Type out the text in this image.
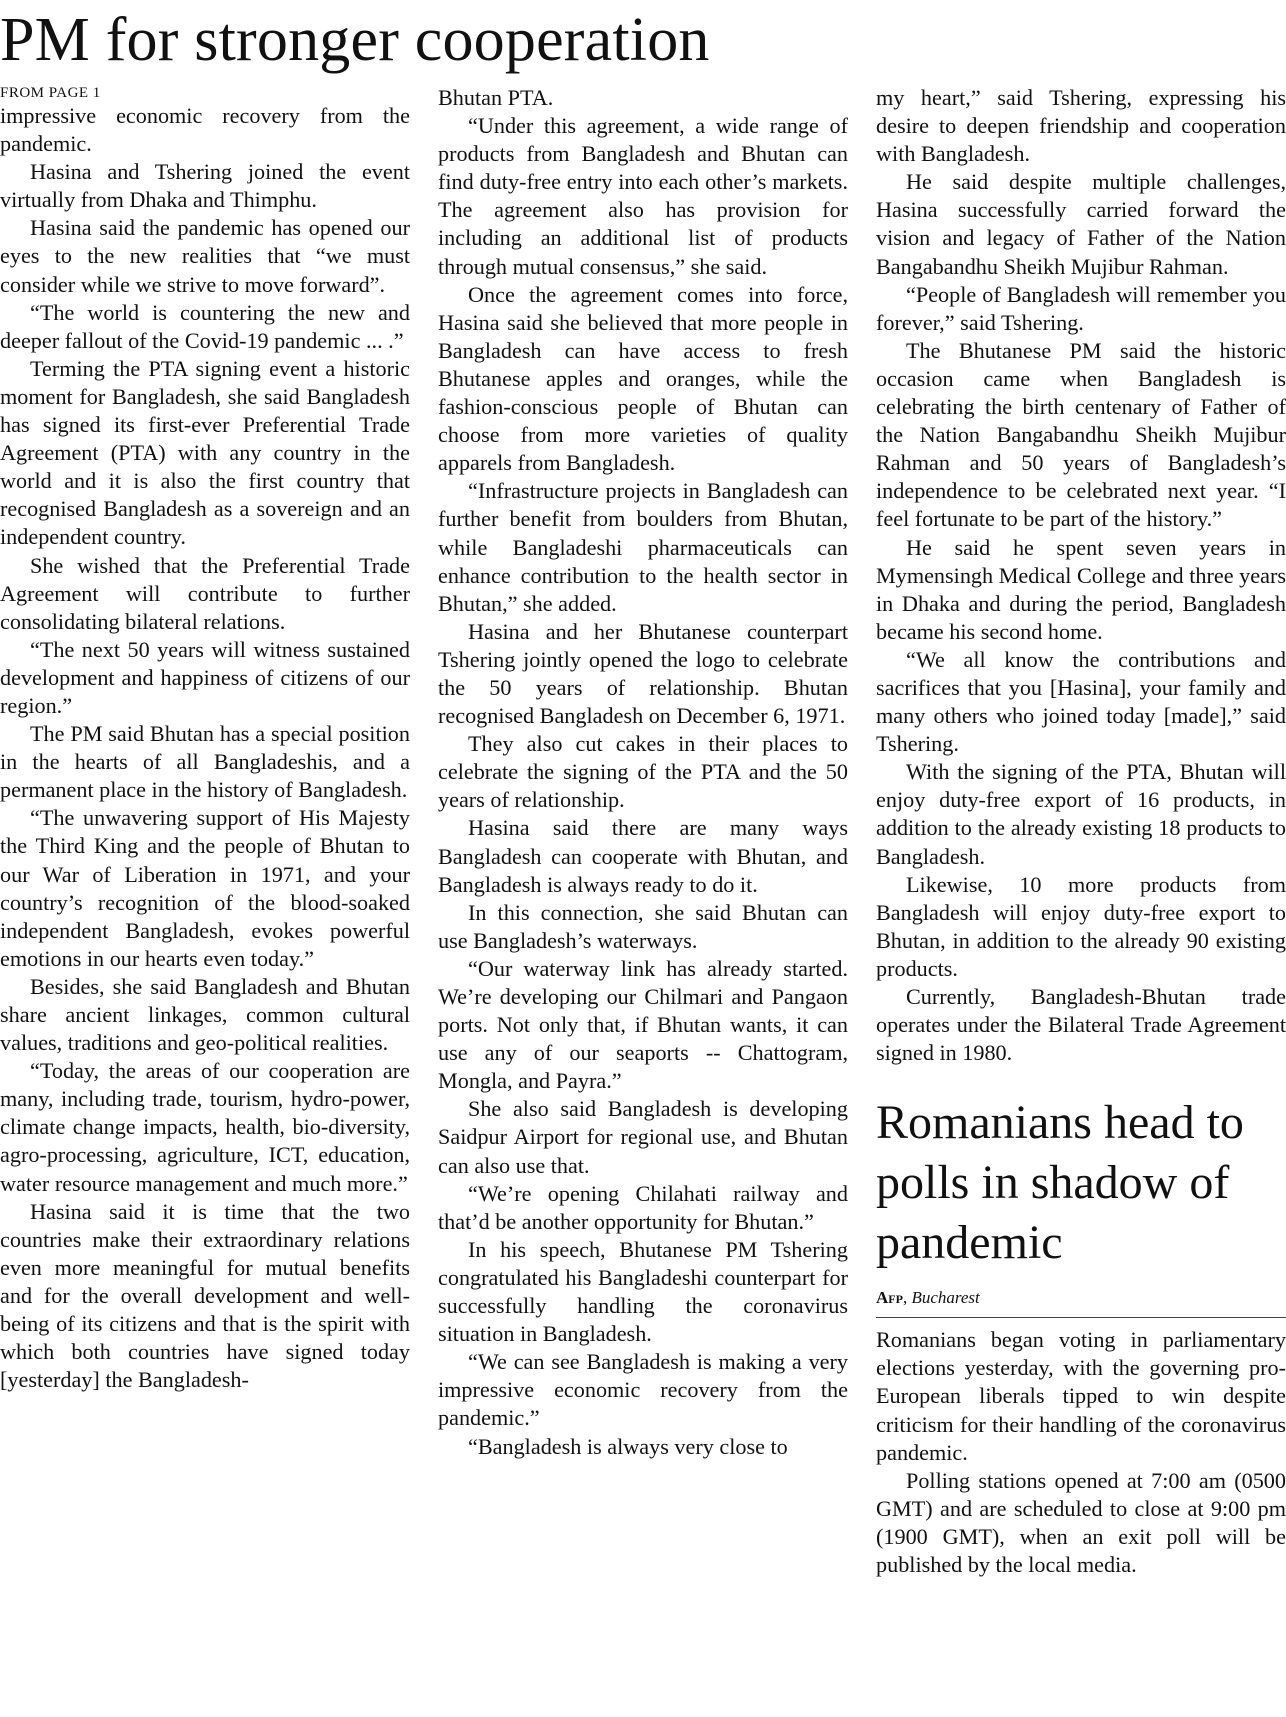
PM for stronger cooperation
FROM PAGE 1

impressive economic recovery from the pandemic.

Hasina and Tshering joined the event virtually from Dhaka and Thimphu.

Hasina said the pandemic has opened our eyes to the new realities that “we must consider while we strive to move forward”.

“The world is countering the new and deeper fallout of the Covid-19 pandemic ... .”

Terming the PTA signing event a historic moment for Bangladesh, she said Bangladesh has signed its first-ever Preferential Trade Agreement (PTA) with any country in the world and it is also the first country that recognised Bangladesh as a sovereign and an independent country.

She wished that the Preferential Trade Agreement will contribute to further consolidating bilateral relations.

“The next 50 years will witness sustained development and happiness of citizens of our region.”

The PM said Bhutan has a special position in the hearts of all Bangladeshis, and a permanent place in the history of Bangladesh.

“The unwavering support of His Majesty the Third King and the people of Bhutan to our War of Liberation in 1971, and your country’s recognition of the blood-soaked independent Bangladesh, evokes powerful emotions in our hearts even today.”

Besides, she said Bangladesh and Bhutan share ancient linkages, common cultural values, traditions and geo-political realities.

“Today, the areas of our cooperation are many, including trade, tourism, hydro-power, climate change impacts, health, bio-diversity, agro-processing, agriculture, ICT, education, water resource management and much more.”

Hasina said it is time that the two countries make their extraordinary relations even more meaningful for mutual benefits and for the overall development and well-being of its citizens and that is the spirit with which both countries have signed today [yesterday] the Bangladesh-

Bhutan PTA.

“Under this agreement, a wide range of products from Bangladesh and Bhutan can find duty-free entry into each other’s markets. The agreement also has provision for including an additional list of products through mutual consensus,” she said.

Once the agreement comes into force, Hasina said she believed that more people in Bangladesh can have access to fresh Bhutanese apples and oranges, while the fashion-conscious people of Bhutan can choose from more varieties of quality apparels from Bangladesh.

“Infrastructure projects in Bangladesh can further benefit from boulders from Bhutan, while Bangladeshi pharmaceuticals can enhance contribution to the health sector in Bhutan,” she added.

Hasina and her Bhutanese counterpart Tshering jointly opened the logo to celebrate the 50 years of relationship. Bhutan recognised Bangladesh on December 6, 1971.

They also cut cakes in their places to celebrate the signing of the PTA and the 50 years of relationship.

Hasina said there are many ways Bangladesh can cooperate with Bhutan, and Bangladesh is always ready to do it.

In this connection, she said Bhutan can use Bangladesh’s waterways.

“Our waterway link has already started. We’re developing our Chilmari and Pangaon ports. Not only that, if Bhutan wants, it can use any of our seaports -- Chattogram, Mongla, and Payra.”

She also said Bangladesh is developing Saidpur Airport for regional use, and Bhutan can also use that.

“We’re opening Chilahati railway and that’d be another opportunity for Bhutan.”

In his speech, Bhutanese PM Tshering congratulated his Bangladeshi counterpart for successfully handling the coronavirus situation in Bangladesh.

“We can see Bangladesh is making a very impressive economic recovery from the pandemic.”

“Bangladesh is always very close to

my heart,” said Tshering, expressing his desire to deepen friendship and cooperation with Bangladesh.

He said despite multiple challenges, Hasina successfully carried forward the vision and legacy of Father of the Nation Bangabandhu Sheikh Mujibur Rahman.

“People of Bangladesh will remember you forever,” said Tshering.

The Bhutanese PM said the historic occasion came when Bangladesh is celebrating the birth centenary of Father of the Nation Bangabandhu Sheikh Mujibur Rahman and 50 years of Bangladesh’s independence to be celebrated next year. “I feel fortunate to be part of the history.”

He said he spent seven years in Mymensingh Medical College and three years in Dhaka and during the period, Bangladesh became his second home.

“We all know the contributions and sacrifices that you [Hasina], your family and many others who joined today [made],” said Tshering.

With the signing of the PTA, Bhutan will enjoy duty-free export of 16 products, in addition to the already existing 18 products to Bangladesh.

Likewise, 10 more products from Bangladesh will enjoy duty-free export to Bhutan, in addition to the already 90 existing products.

Currently, Bangladesh-Bhutan trade operates under the Bilateral Trade Agreement signed in 1980.

Romanians head to polls in shadow of pandemic
Afp, Bucharest

Romanians began voting in parliamentary elections yesterday, with the governing pro-European liberals tipped to win despite criticism for their handling of the coronavirus pandemic.

Polling stations opened at 7:00 am (0500 GMT) and are scheduled to close at 9:00 pm (1900 GMT), when an exit poll will be published by the local media.
